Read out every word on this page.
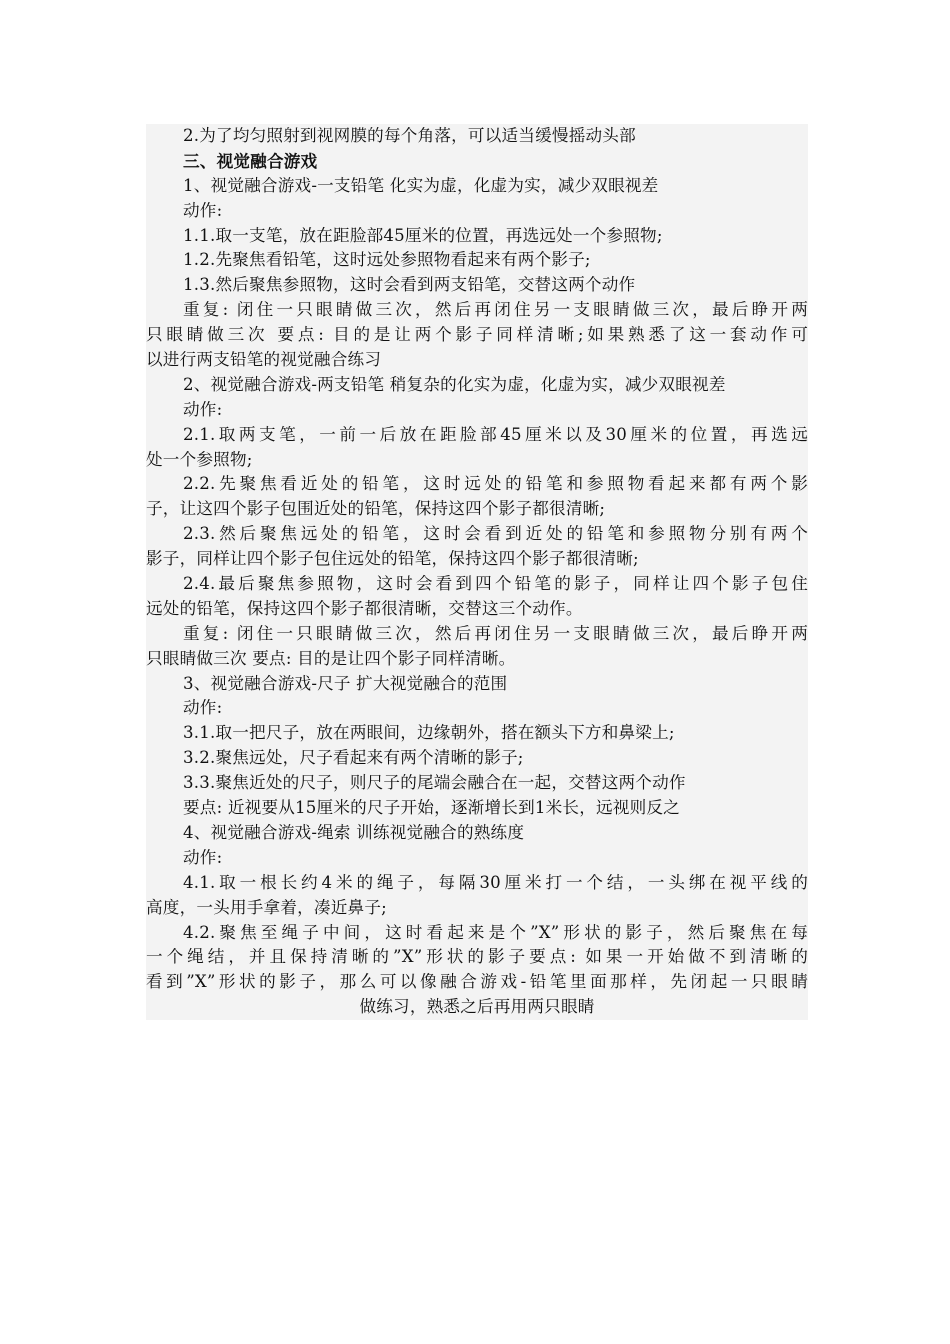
2.为了均匀照射到视网膜的每个角落，可以适当缓慢摇动头部
三、视觉融合游戏
1、视觉融合游戏-一支铅笔 化实为虚，化虚为实，减少双眼视差
动作:
1.1.取一支笔，放在距脸部45厘米的位置，再选远处一个参照物;
1.2.先聚焦看铅笔，这时远处参照物看起来有两个影子;
1.3.然后聚焦参照物，这时会看到两支铅笔，交替这两个动作
重复: 闭住一只眼睛做三次，然后再闭住另一支眼睛做三次，最后睁开两
只眼睛做三次 要点: 目的是让两个影子同样清晰;如果熟悉了这一套动作可
以进行两支铅笔的视觉融合练习
2、视觉融合游戏-两支铅笔 稍复杂的化实为虚，化虚为实，减少双眼视差
动作:
2.1.取两支笔，一前一后放在距脸部45厘米以及30厘米的位置，再选远
处一个参照物;
2.2.先聚焦看近处的铅笔，这时远处的铅笔和参照物看起来都有两个影
子，让这四个影子包围近处的铅笔，保持这四个影子都很清晰;
2.3.然后聚焦远处的铅笔，这时会看到近处的铅笔和参照物分别有两个
影子，同样让四个影子包住远处的铅笔，保持这四个影子都很清晰;
2.4.最后聚焦参照物，这时会看到四个铅笔的影子，同样让四个影子包住
远处的铅笔，保持这四个影子都很清晰，交替这三个动作。
重复: 闭住一只眼睛做三次，然后再闭住另一支眼睛做三次，最后睁开两
只眼睛做三次 要点: 目的是让四个影子同样清晰。
3、视觉融合游戏-尺子 扩大视觉融合的范围
动作:
3.1.取一把尺子，放在两眼间，边缘朝外，搭在额头下方和鼻梁上;
3.2.聚焦远处，尺子看起来有两个清晰的影子;
3.3.聚焦近处的尺子，则尺子的尾端会融合在一起，交替这两个动作
要点: 近视要从15厘米的尺子开始，逐渐增长到1米长，远视则反之
4、视觉融合游戏-绳索 训练视觉融合的熟练度
动作:
4.1.取一根长约4米的绳子，每隔30厘米打一个结，一头绑在视平线的
高度，一头用手拿着，凑近鼻子;
4.2.聚焦至绳子中间，这时看起来是个”X”形状的影子，然后聚焦在每
一个绳结，并且保持清晰的”X”形状的影子要点: 如果一开始做不到清晰的
看到”X”形状的影子，那么可以像融合游戏-铅笔里面那样，先闭起一只眼睛
做练习，熟悉之后再用两只眼睛
